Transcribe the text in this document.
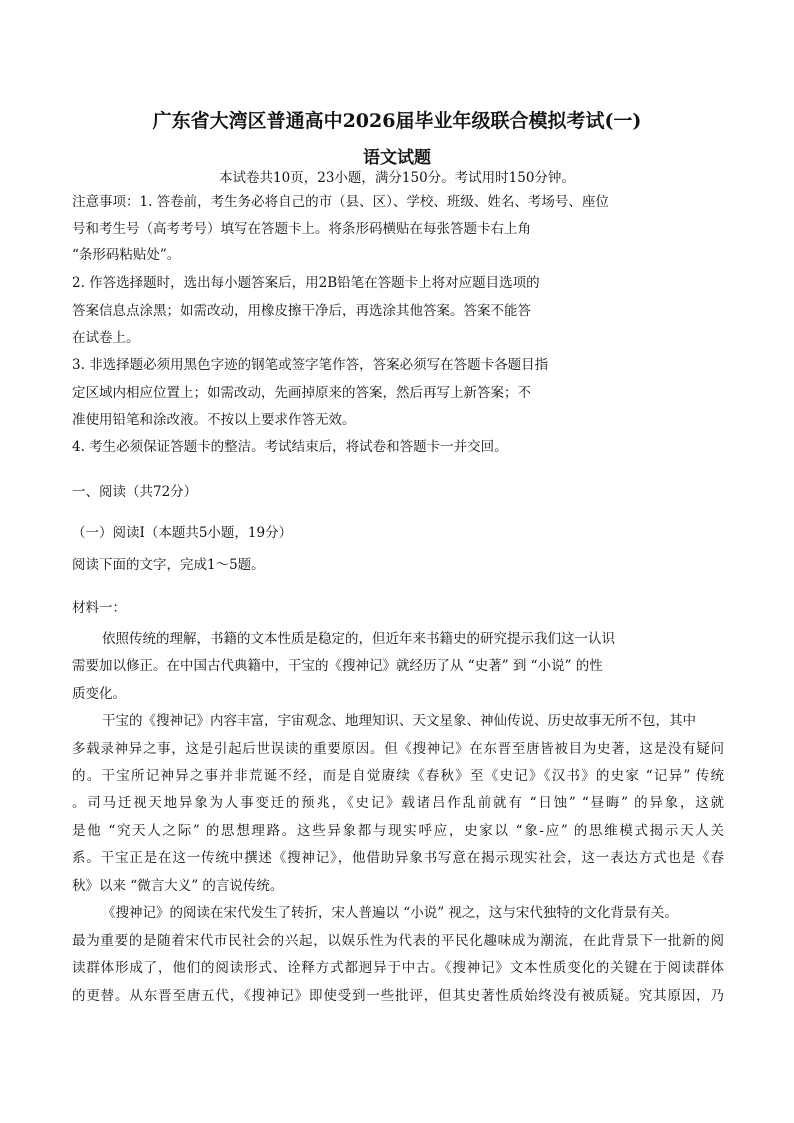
广东省大湾区普通高中2026届毕业年级联合模拟考试(一)
语文试题
本试卷共10页，23小题，满分150分。考试用时150分钟。
注意事项：1. 答卷前，考生务必将自己的市（县、区）、学校、班级、姓名、考场号、座位
号和考生号（高考考号）填写在答题卡上。将条形码横贴在每张答题卡右上角
“条形码粘贴处”。
2. 作答选择题时，选出每小题答案后，用2B铅笔在答题卡上将对应题目选项的
答案信息点涂黑；如需改动，用橡皮擦干净后，再选涂其他答案。答案不能答
在试卷上。
3. 非选择题必须用黑色字迹的钢笔或签字笔作答，答案必须写在答题卡各题目指
定区域内相应位置上；如需改动，先画掉原来的答案，然后再写上新答案；不
准使用铅笔和涂改液。不按以上要求作答无效。
4. 考生必须保证答题卡的整洁。考试结束后，将试卷和答题卡一并交回。
一、阅读（共72分）
（一）阅读Ⅰ（本题共5小题，19分）
阅读下面的文字，完成1～5题。
材料一：
依照传统的理解，书籍的文本性质是稳定的，但近年来书籍史的研究提示我们这一认识
需要加以修正。在中国古代典籍中，干宝的《搜神记》就经历了从 “史著” 到 “小说” 的性
质变化。
干宝的《搜神记》内容丰富，宇宙观念、地理知识、天文星象、神仙传说、历史故事无所不包，其中
多载录神异之事，这是引起后世误读的重要原因。但《搜神记》在东晋至唐皆被目为史著，这是没有疑问
的。干宝所记神异之事并非荒诞不经，而是自觉赓续《春秋》至《史记》《汉书》的史家 “记异” 传统
。司马迁视天地异象为人事变迁的预兆，《史记》载诸吕作乱前就有 “日蚀” “昼晦” 的异象，这就
是他 “究天人之际” 的思想理路。这些异象都与现实呼应，史家以 “象-应” 的思维模式揭示天人关
系。干宝正是在这一传统中撰述《搜神记》，他借助异象书写意在揭示现实社会，这一表达方式也是《春
秋》以来 “微言大义” 的言说传统。
《搜神记》的阅读在宋代发生了转折，宋人普遍以 “小说” 视之，这与宋代独特的文化背景有关。
最为重要的是随着宋代市民社会的兴起，以娱乐性为代表的平民化趣味成为潮流，在此背景下一批新的阅
读群体形成了，他们的阅读形式、诠释方式都迥异于中古。《搜神记》文本性质变化的关键在于阅读群体
的更替。从东晋至唐五代，《搜神记》即使受到一些批评，但其史著性质始终没有被质疑。究其原因，乃
